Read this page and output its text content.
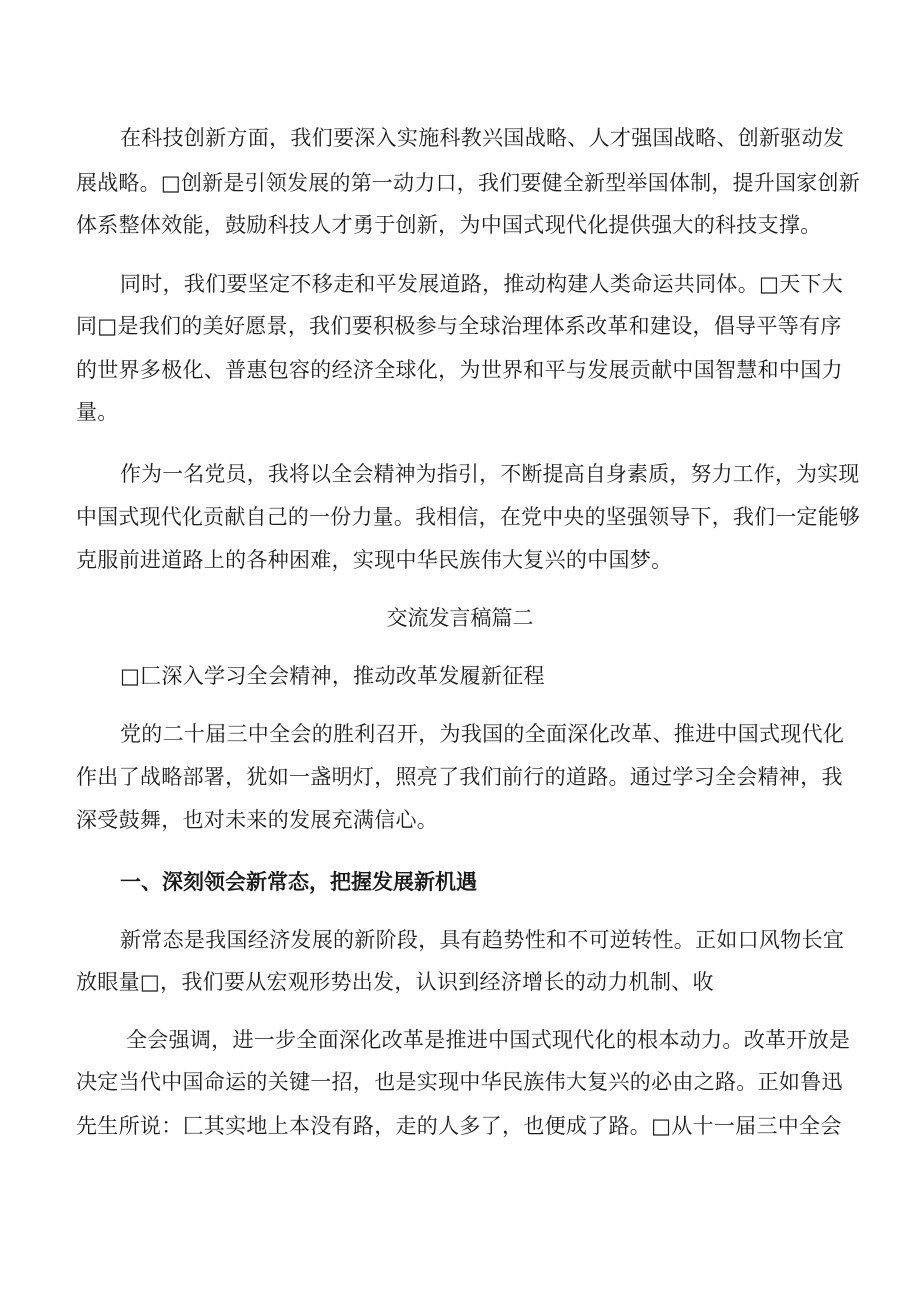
在科技创新方面，我们要深入实施科教兴国战略、人才强国战略、创新驱动发
展战略。□创新是引领发展的第一动力口，我们要健全新型举国体制，提升国家创新
体系整体效能，鼓励科技人才勇于创新，为中国式现代化提供强大的科技支撑。
同时，我们要坚定不移走和平发展道路，推动构建人类命运共同体。□天下大
同□是我们的美好愿景，我们要积极参与全球治理体系改革和建设，倡导平等有序
的世界多极化、普惠包容的经济全球化，为世界和平与发展贡献中国智慧和中国力
量。
作为一名党员，我将以全会精神为指引，不断提高自身素质，努力工作，为实现
中国式现代化贡献自己的一份力量。我相信，在党中央的坚强领导下，我们一定能够
克服前进道路上的各种困难，实现中华民族伟大复兴的中国梦。
交流发言稿篇二
□匚深入学习全会精神，推动改革发履新征程
党的二十届三中全会的胜利召开，为我国的全面深化改革、推进中国式现代化
作出了战略部署，犹如一盏明灯，照亮了我们前行的道路。通过学习全会精神，我
深受鼓舞，也对未来的发展充满信心。
一、深刻领会新常态，把握发展新机遇
新常态是我国经济发展的新阶段，具有趋势性和不可逆转性。正如口风物长宜
放眼量□，我们要从宏观形势出发，认识到经济增长的动力机制、收
全会强调，进一步全面深化改革是推进中国式现代化的根本动力。改革开放是
决定当代中国命运的关键一招，也是实现中华民族伟大复兴的必由之路。正如鲁迅
先生所说：匚其实地上本没有路，走的人多了，也便成了路。□从十一届三中全会
